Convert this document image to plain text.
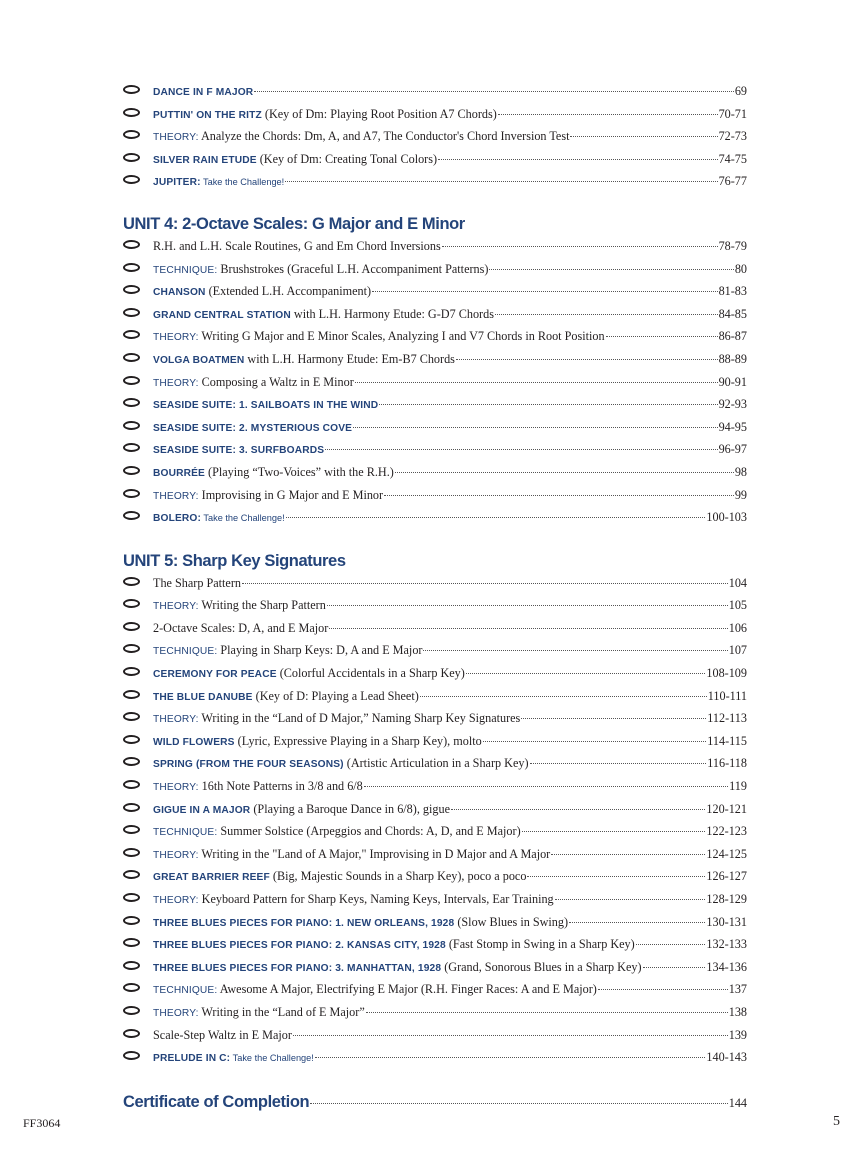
DANCE IN F MAJOR	69
PUTTIN' ON THE RITZ (Key of Dm: Playing Root Position A7 Chords)	70-71
THEORY: Analyze the Chords: Dm, A, and A7, The Conductor's Chord Inversion Test	72-73
SILVER RAIN ETUDE (Key of Dm: Creating Tonal Colors)	74-75
JUPITER: Take the Challenge!	76-77
UNIT 4: 2-Octave Scales: G Major and E Minor
R.H. and L.H. Scale Routines, G and Em Chord Inversions	78-79
TECHNIQUE: Brushstrokes (Graceful L.H. Accompaniment Patterns)	80
CHANSON (Extended L.H. Accompaniment)	81-83
GRAND CENTRAL STATION with L.H. Harmony Etude: G-D7 Chords	84-85
THEORY: Writing G Major and E Minor Scales, Analyzing I and V7 Chords in Root Position	86-87
VOLGA BOATMEN with L.H. Harmony Etude: Em-B7 Chords	88-89
THEORY: Composing a Waltz in E Minor	90-91
SEASIDE SUITE: 1. SAILBOATS IN THE WIND	92-93
SEASIDE SUITE: 2. MYSTERIOUS COVE	94-95
SEASIDE SUITE: 3. SURFBOARDS	96-97
BOURRÉE (Playing “Two-Voices” with the R.H.)	98
THEORY: Improvising in G Major and E Minor	99
BOLERO: Take the Challenge!	100-103
UNIT 5: Sharp Key Signatures
The Sharp Pattern	104
THEORY: Writing the Sharp Pattern	105
2-Octave Scales: D, A, and E Major	106
TECHNIQUE: Playing in Sharp Keys: D, A and E Major	107
CEREMONY FOR PEACE (Colorful Accidentals in a Sharp Key)	108-109
THE BLUE DANUBE (Key of D: Playing a Lead Sheet)	110-111
THEORY: Writing in the “Land of D Major,” Naming Sharp Key Signatures	112-113
WILD FLOWERS (Lyric, Expressive Playing in a Sharp Key), molto	114-115
SPRING (FROM THE FOUR SEASONS) (Artistic Articulation in a Sharp Key)	116-118
THEORY: 16th Note Patterns in 3/8 and 6/8	119
GIGUE IN A MAJOR (Playing a Baroque Dance in 6/8), gigue	120-121
TECHNIQUE: Summer Solstice (Arpeggios and Chords: A, D, and E Major)	122-123
THEORY: Writing in the "Land of A Major," Improvising in D Major and A Major	124-125
GREAT BARRIER REEF (Big, Majestic Sounds in a Sharp Key), poco a poco	126-127
THEORY: Keyboard Pattern for Sharp Keys, Naming Keys, Intervals, Ear Training	128-129
THREE BLUES PIECES FOR PIANO: 1. NEW ORLEANS, 1928 (Slow Blues in Swing)	130-131
THREE BLUES PIECES FOR PIANO: 2. KANSAS CITY, 1928 (Fast Stomp in Swing in a Sharp Key)	132-133
THREE BLUES PIECES FOR PIANO: 3. MANHATTAN, 1928 (Grand, Sonorous Blues in a Sharp Key)	134-136
TECHNIQUE: Awesome A Major, Electrifying E Major (R.H. Finger Races: A and E Major)	137
THEORY: Writing in the “Land of E Major”	138
Scale-Step Waltz in E Major	139
PRELUDE IN C: Take the Challenge!	140-143
Certificate of Completion	144
FF3064	5
